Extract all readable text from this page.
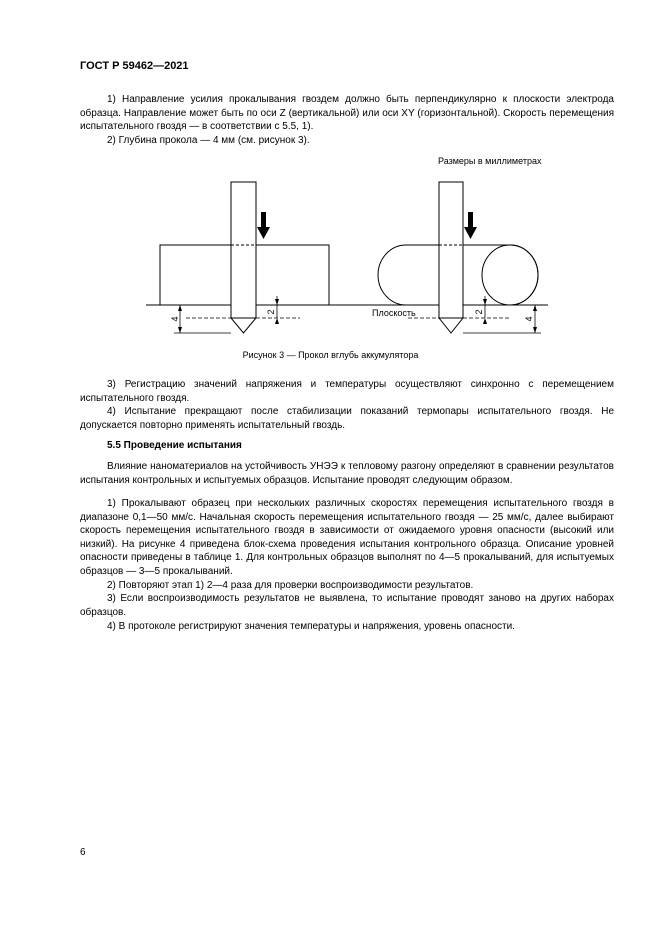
ГОСТ Р 59462—2021

1) Направление усилия прокалывания гвоздем должно быть перпендикулярно к плоскости электрода образца. Направление может быть по оси Z (вертикальной) или оси XY (горизонтальной). Скорость перемещения испытательного гвоздя — в соответствии с 5.5, 1).

2) Глубина прокола — 4 мм (см. рисунок 3).

Размеры в миллиметрах
4
2	2
4
Плоскость
Рисунок 3 — Прокол вглубь аккумулятора

3) Регистрацию значений напряжения и температуры осуществляют синхронно с перемещением испытательного гвоздя.

4) Испытание прекращают после стабилизации показаний термопары испытательного гвоздя. Не допускается повторно применять испытательный гвоздь.

5.5 Проведение испытания

Влияние наноматериалов на устойчивость УНЭЭ к тепловому разгону определяют в сравнении результатов испытания контрольных и испытуемых образцов. Испытание проводят следующим образом.

1) Прокалывают образец при нескольких различных скоростях перемещения испытательного гвоздя в диапазоне 0,1—50 мм/с. Начальная скорость перемещения испытательного гвоздя — 25 мм/с, далее выбирают скорость перемещения испытательного гвоздя в зависимости от ожидаемого уровня опасности (высокий или низкий). На рисунке 4 приведена блок-схема проведения испытания контрольного образца. Описание уровней опасности приведены в таблице 1. Для контрольных образцов выполнят по 4—5 прокалываний, для испытуемых образцов — 3—5 прокалываний.

2) Повторяют этап 1) 2—4 раза для проверки воспроизводимости результатов.

3) Если воспроизводимость результатов не выявлена, то испытание проводят заново на других наборах образцов.

4) В протоколе регистрируют значения температуры и напряжения, уровень опасности.

6
